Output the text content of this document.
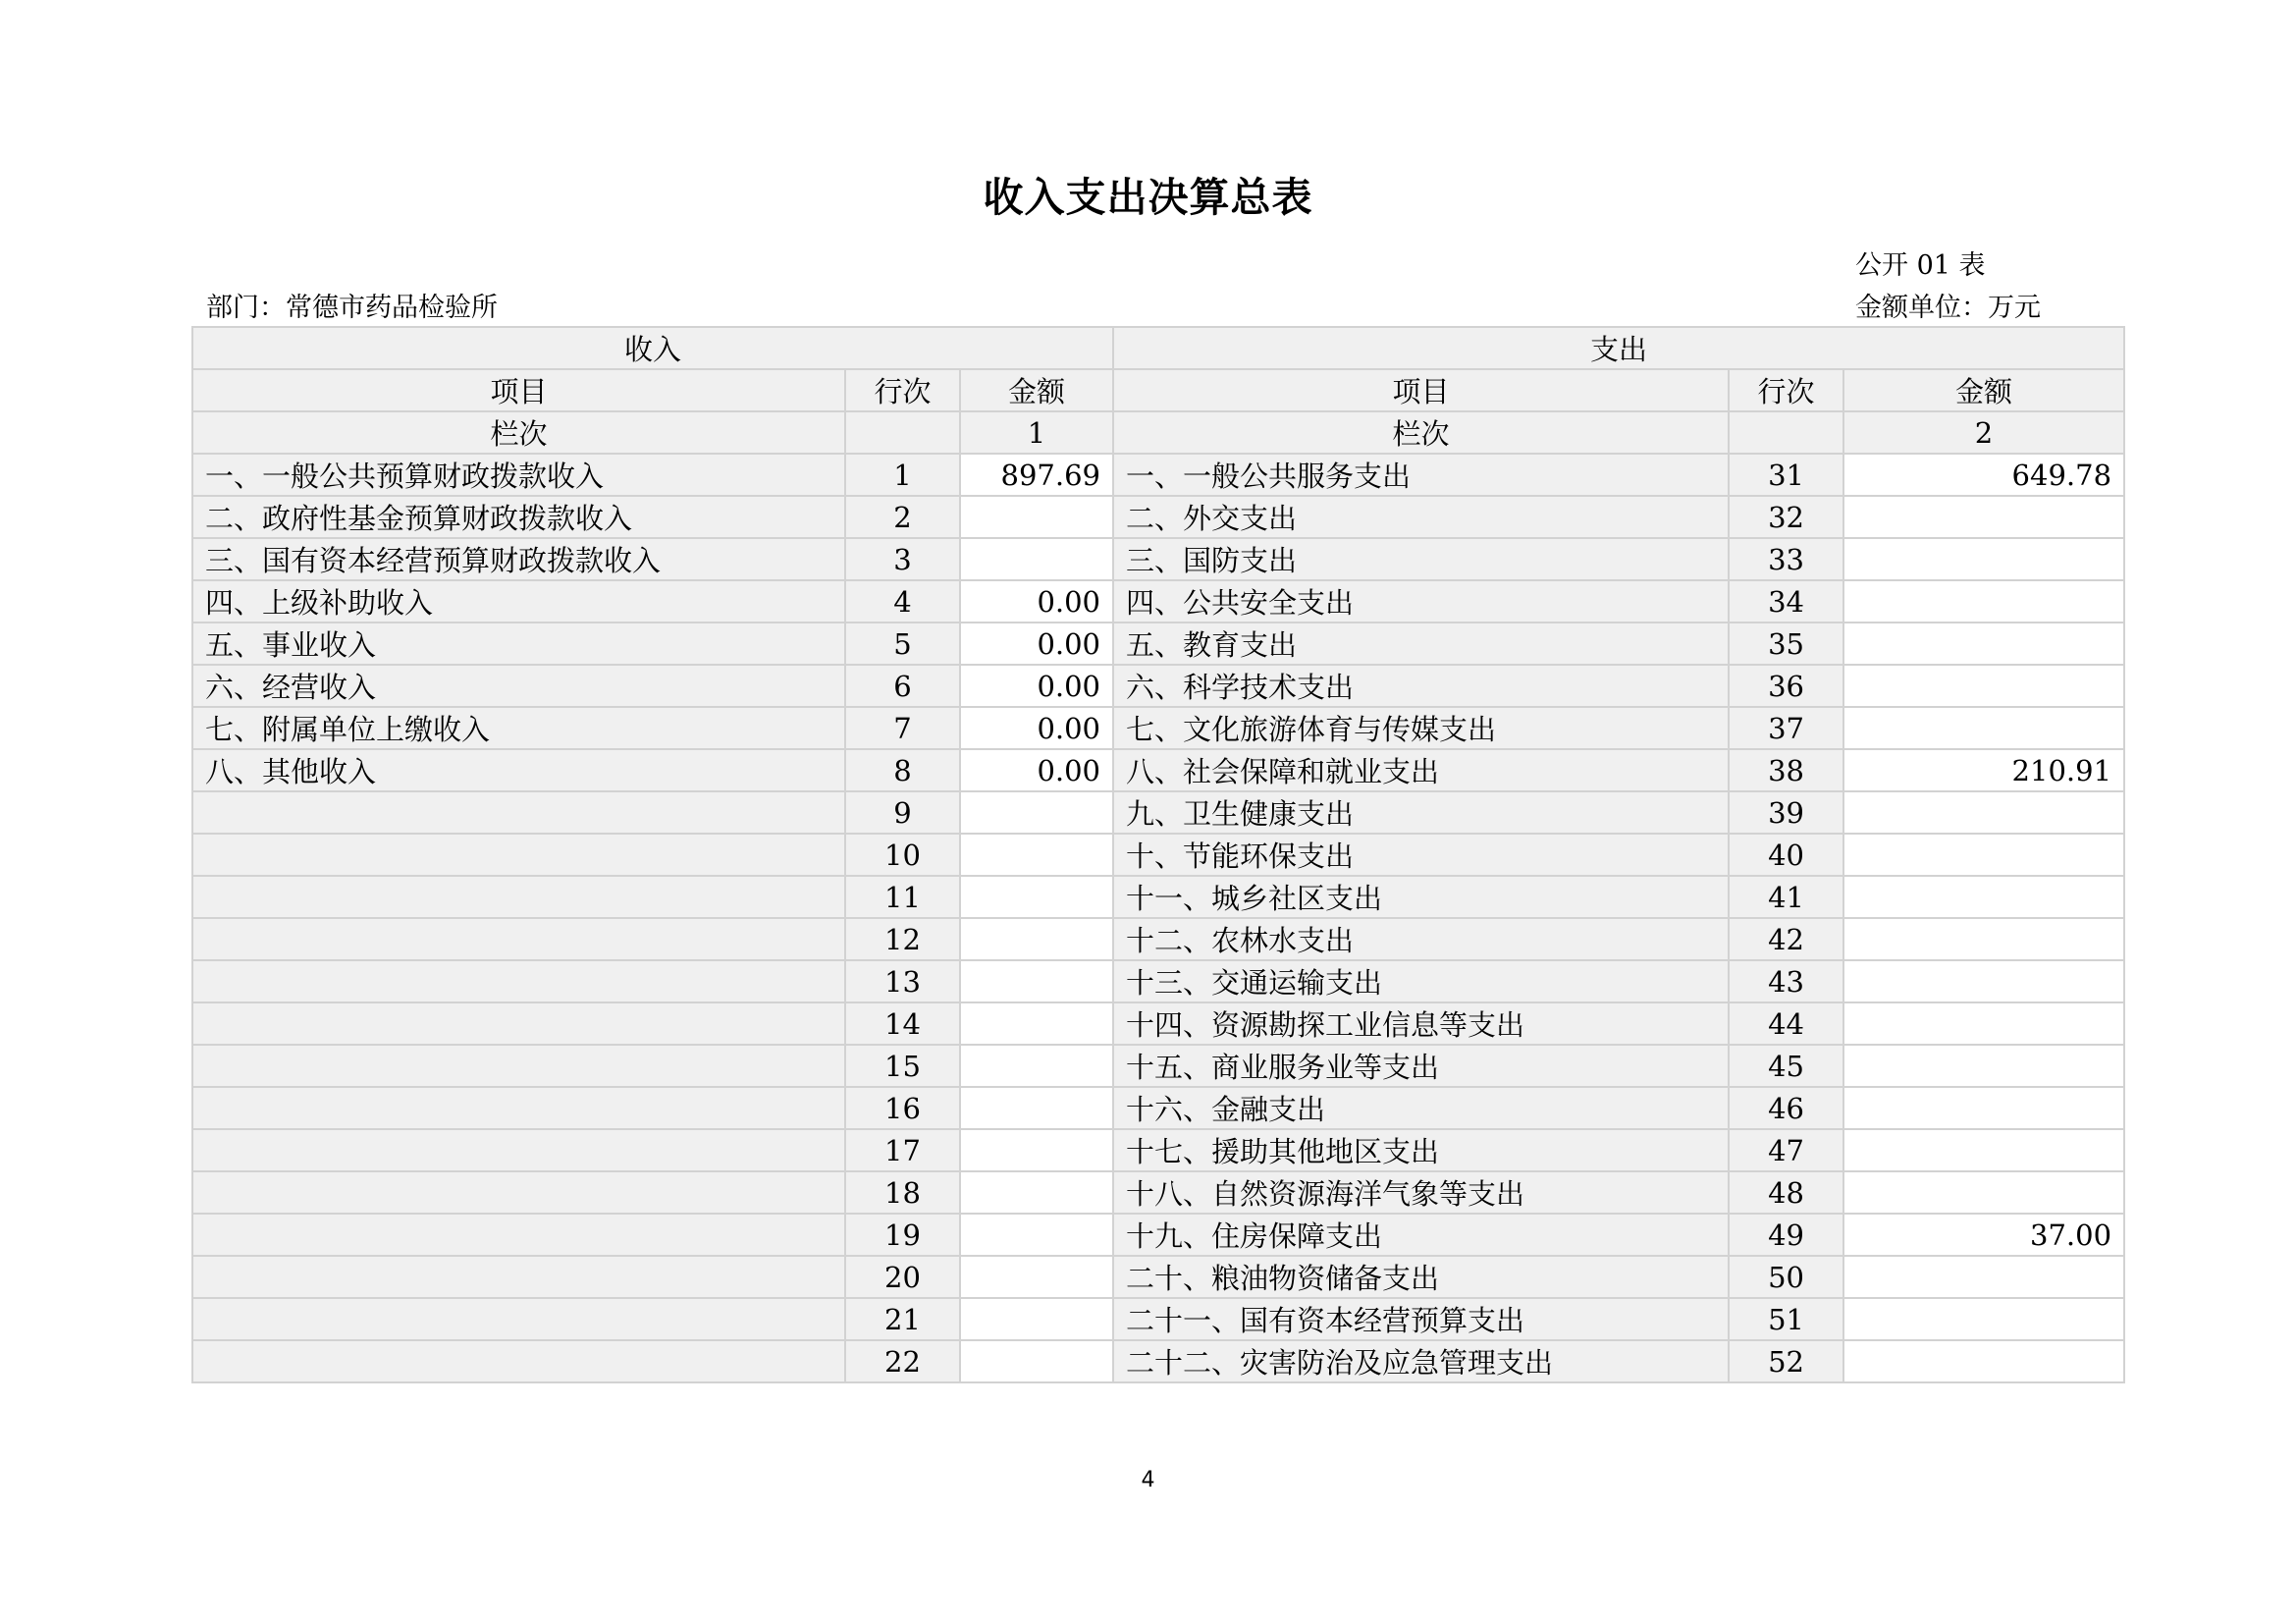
收入支出决算总表
公开 01 表
部门：常德市药品检验所	金额单位：万元
收入			支出		
项目	行次	金额	项目	行次	金额
栏次		1	栏次		2
一、一般公共预算财政拨款收入	1	897.69	一、一般公共服务支出	31	649.78
二、政府性基金预算财政拨款收入	2		二、外交支出	32	
三、国有资本经营预算财政拨款收入	3		三、国防支出	33	
四、上级补助收入	4	0.00	四、公共安全支出	34	
五、事业收入	5	0.00	五、教育支出	35	
六、经营收入	6	0.00	六、科学技术支出	36	
七、附属单位上缴收入	7	0.00	七、文化旅游体育与传媒支出	37	
八、其他收入	8	0.00	八、社会保障和就业支出	38	210.91
	9		九、卫生健康支出	39	
	10		十、节能环保支出	40	
	11		十一、城乡社区支出	41	
	12		十二、农林水支出	42	
	13		十三、交通运输支出	43	
	14		十四、资源勘探工业信息等支出	44	
	15		十五、商业服务业等支出	45	
	16		十六、金融支出	46	
	17		十七、援助其他地区支出	47	
	18		十八、自然资源海洋气象等支出	48	
	19		十九、住房保障支出	49	37.00
	20		二十、粮油物资储备支出	50	
	21		二十一、国有资本经营预算支出	51	
	22		二十二、灾害防治及应急管理支出	52	
4
